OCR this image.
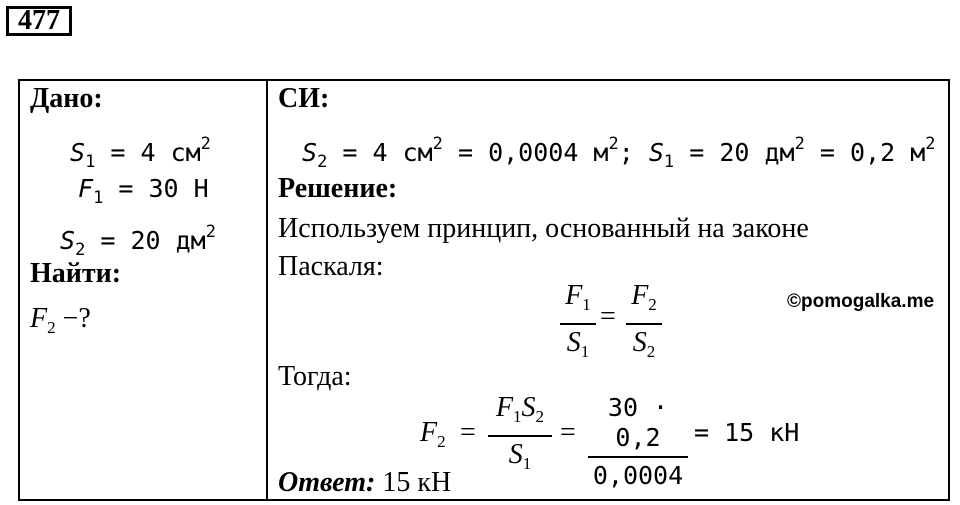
477
Дано:
$S_1 = 4$ $см^2$
$F_1 = 30$ Н
$S_2 = 20$ $дм^2$
Найти:
$F_2$ −?
СИ:
$S_2 = 4$ $см^2 = 0,0004$ $м^2$; $S_1 = 20$ $дм^2 = 0,2$ $м^2$
Решение:
Используем принцип, основанный на законе
Паскаля:
$F_1$
$S_1$
=
$F_2$
$S_2$
Тогда:
$F_2$ =
$F_1S_2$
$S_1$
=
30 · 0,2
0,0004
= 15 кН
Ответ: 15 кН
©pomogalka.me
